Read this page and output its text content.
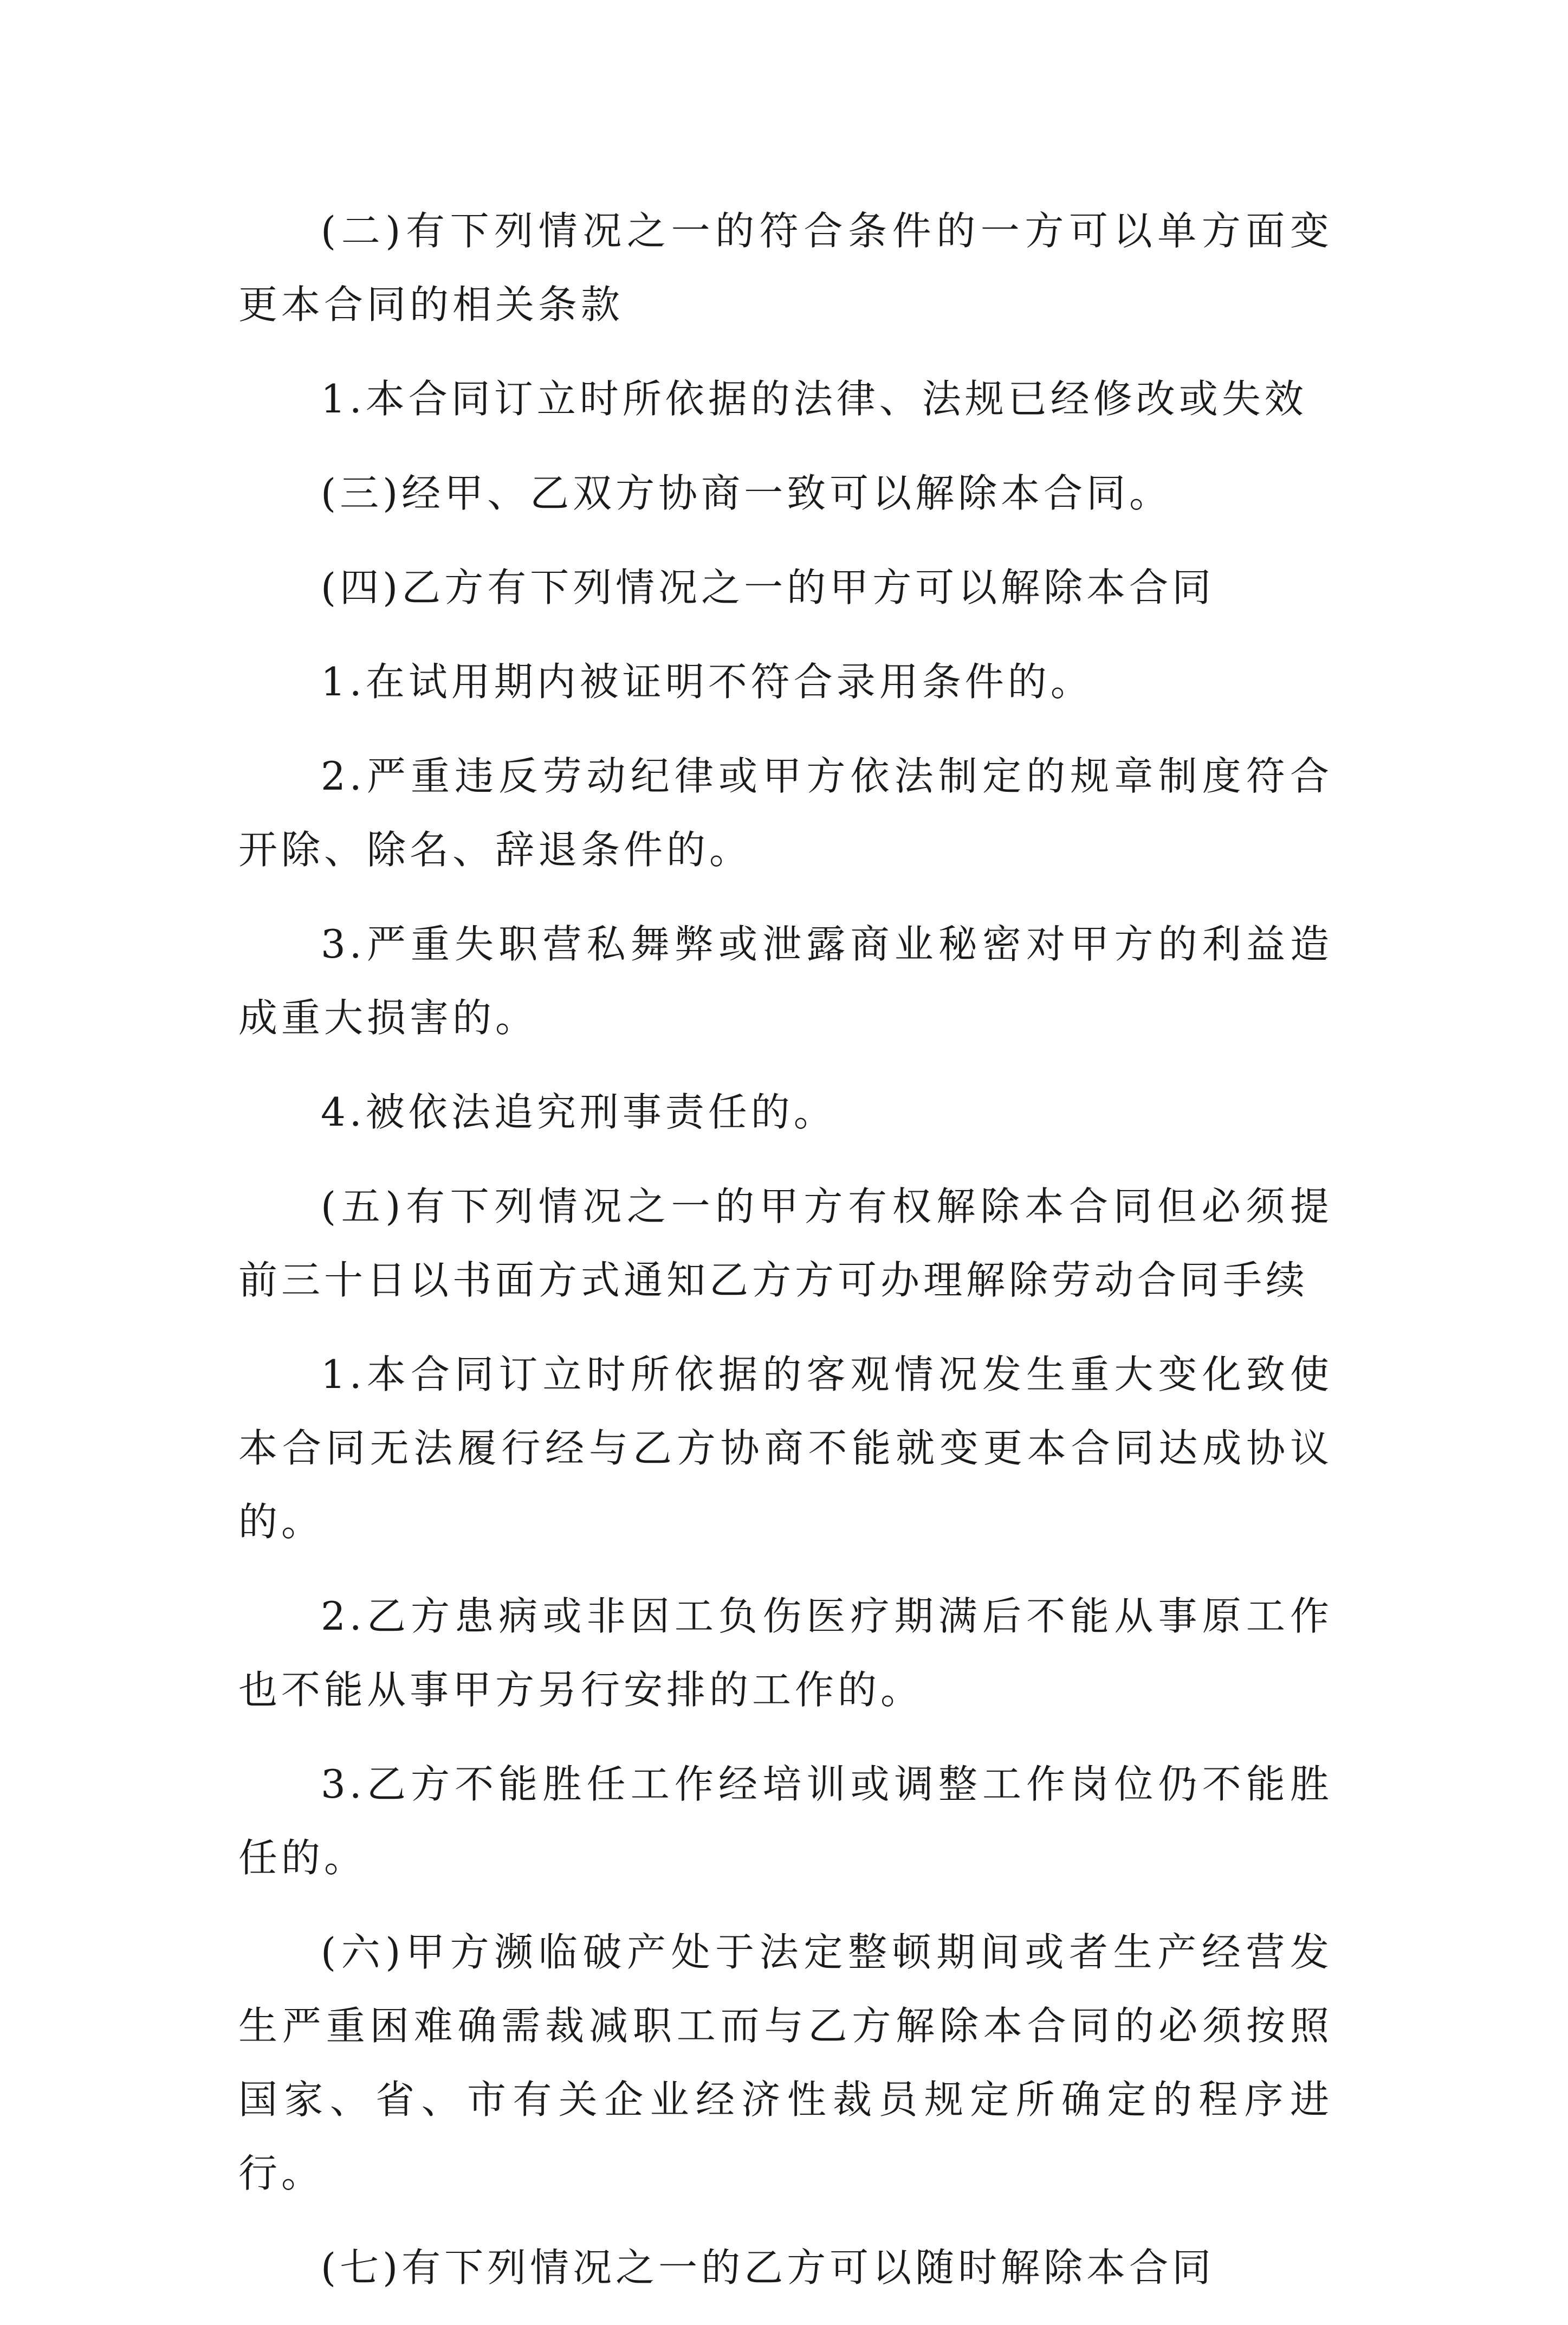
(二)有下列情况之一的符合条件的一方可以单方面变更本合同的相关条款

1.本合同订立时所依据的法律、法规已经修改或失效

(三)经甲、乙双方协商一致可以解除本合同。

(四)乙方有下列情况之一的甲方可以解除本合同

1.在试用期内被证明不符合录用条件的。

2.严重违反劳动纪律或甲方依法制定的规章制度符合开除、除名、辞退条件的。

3.严重失职营私舞弊或泄露商业秘密对甲方的利益造成重大损害的。

4.被依法追究刑事责任的。

(五)有下列情况之一的甲方有权解除本合同但必须提前三十日以书面方式通知乙方方可办理解除劳动合同手续

1.本合同订立时所依据的客观情况发生重大变化致使本合同无法履行经与乙方协商不能就变更本合同达成协议的。

2.乙方患病或非因工负伤医疗期满后不能从事原工作也不能从事甲方另行安排的工作的。

3.乙方不能胜任工作经培训或调整工作岗位仍不能胜任的。

(六)甲方濒临破产处于法定整顿期间或者生产经营发生严重困难确需裁减职工而与乙方解除本合同的必须按照国家、省、市有关企业经济性裁员规定所确定的程序进行。

(七)有下列情况之一的乙方可以随时解除本合同
